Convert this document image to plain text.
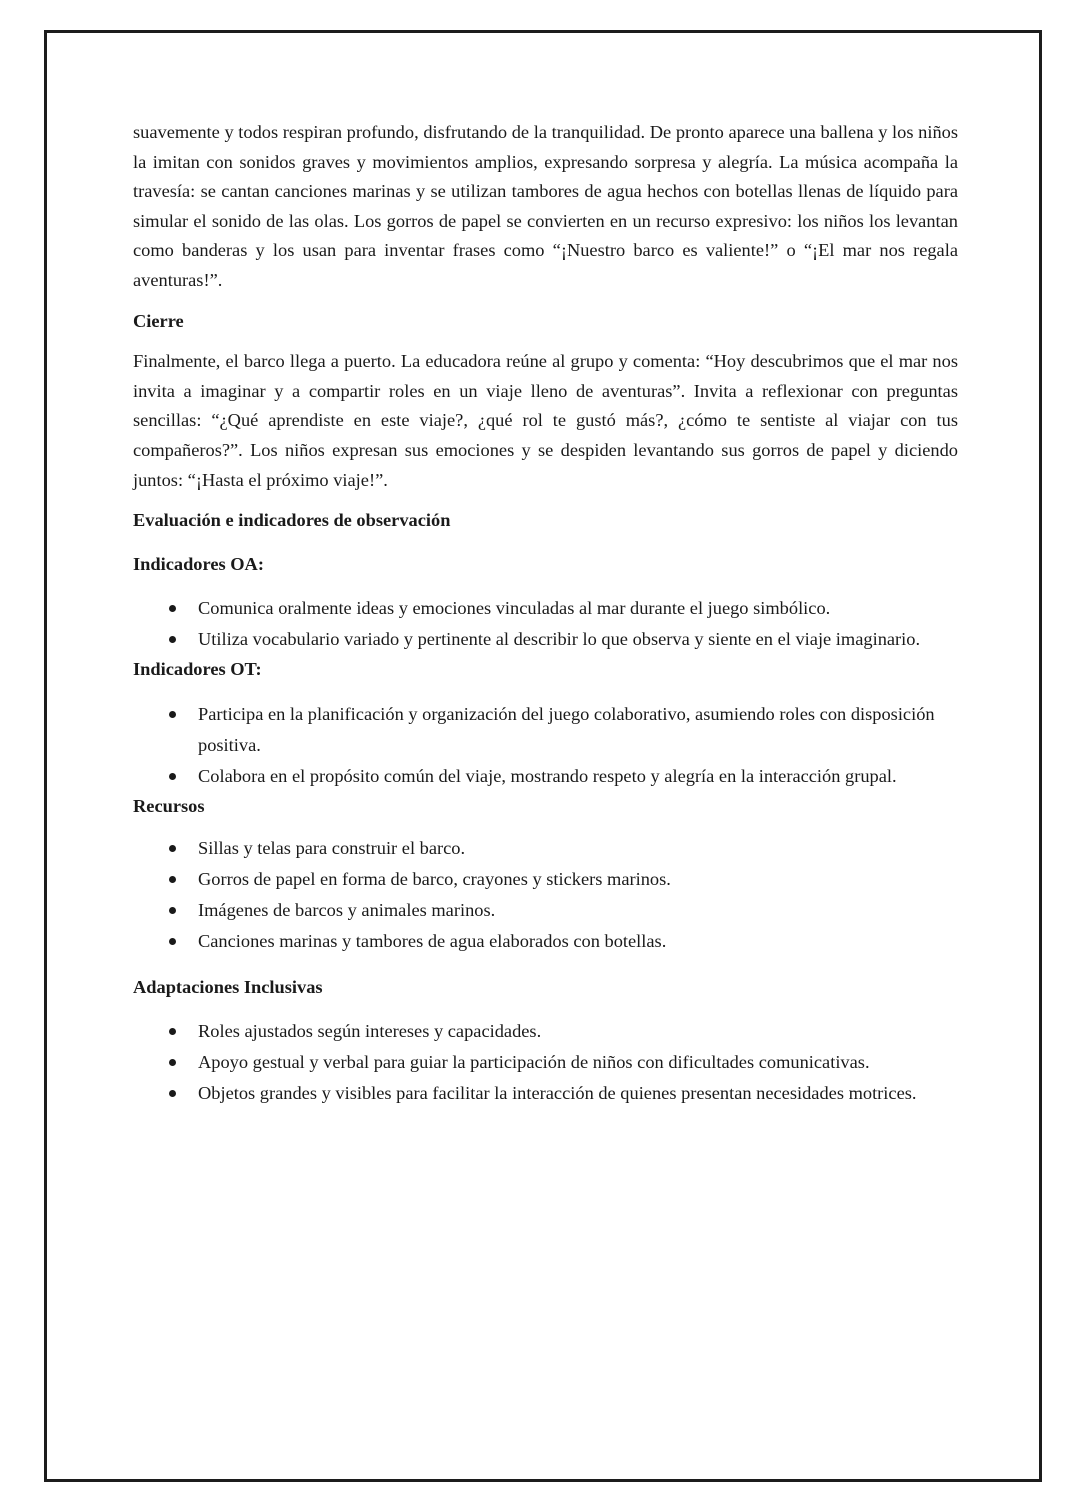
suavemente y todos respiran profundo, disfrutando de la tranquilidad. De pronto aparece una ballena y los niños la imitan con sonidos graves y movimientos amplios, expresando sorpresa y alegría. La música acompaña la travesía: se cantan canciones marinas y se utilizan tambores de agua hechos con botellas llenas de líquido para simular el sonido de las olas. Los gorros de papel se convierten en un recurso expresivo: los niños los levantan como banderas y los usan para inventar frases como “¡Nuestro barco es valiente!” o “¡El mar nos regala aventuras!”.

Cierre

Finalmente, el barco llega a puerto. La educadora reúne al grupo y comenta: “Hoy descubrimos que el mar nos invita a imaginar y a compartir roles en un viaje lleno de aventuras”. Invita a reflexionar con preguntas sencillas: “¿Qué aprendiste en este viaje?, ¿qué rol te gustó más?, ¿cómo te sentiste al viajar con tus compañeros?”. Los niños expresan sus emociones y se despiden levantando sus gorros de papel y diciendo juntos: “¡Hasta el próximo viaje!”.

Evaluación e indicadores de observación
Indicadores OA:
Comunica oralmente ideas y emociones vinculadas al mar durante el juego simbólico.
Utiliza vocabulario variado y pertinente al describir lo que observa y siente en el viaje imaginario.
Indicadores OT:
Participa en la planificación y organización del juego colaborativo, asumiendo roles con disposición positiva.
Colabora en el propósito común del viaje, mostrando respeto y alegría en la interacción grupal.
Recursos
Sillas y telas para construir el barco.
Gorros de papel en forma de barco, crayones y stickers marinos.
Imágenes de barcos y animales marinos.
Canciones marinas y tambores de agua elaborados con botellas.
Adaptaciones Inclusivas
Roles ajustados según intereses y capacidades.
Apoyo gestual y verbal para guiar la participación de niños con dificultades comunicativas.
Objetos grandes y visibles para facilitar la interacción de quienes presentan necesidades motrices.
